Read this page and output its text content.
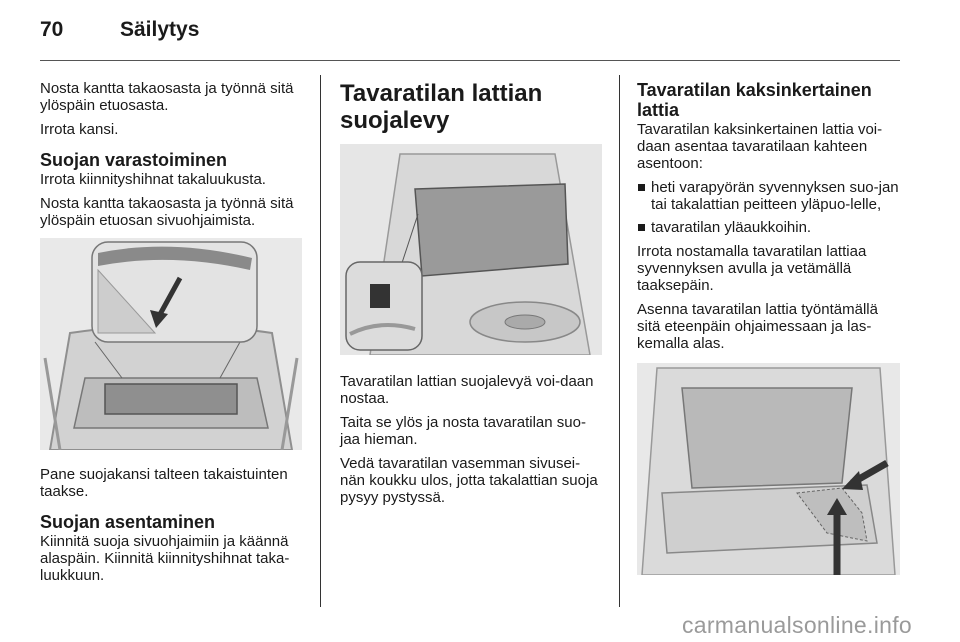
70	Säilytys

Nosta kantta takaosasta ja työnnä sitä ylöspäin etuosasta.

Irrota kansi.

Suojan varastoiminen

Irrota kiinnityshihnat takaluukusta.

Nosta kantta takaosasta ja työnnä sitä ylöspäin etuosan sivuohjaimista.

Pane suojakansi talteen takaistuinten taakse.

Suojan asentaminen

Kiinnitä suoja sivuohjaimiin ja käännä alaspäin. Kiinnitä kiinnityshihnat taka-luukkuun.

Tavaratilan lattian suojalevy

Tavaratilan lattian suojalevyä voi-daan nostaa.

Taita se ylös ja nosta tavaratilan suo-jaa hieman.

Vedä tavaratilan vasemman sivusei-nän koukku ulos, jotta takalattian suoja pysyy pystyssä.

Tavaratilan kaksinkertainen lattia

Tavaratilan kaksinkertainen lattia voi-daan asentaa tavaratilaan kahteen asentoon:

heti varapyörän syvennyksen suo-jan tai takalattian peitteen yläpuo-lelle,
tavaratilan yläaukkoihin.

Irrota nostamalla tavaratilan lattiaa syvennyksen avulla ja vetämällä taaksepäin.

Asenna tavaratilan lattia työntämällä sitä eteenpäin ohjaimessaan ja las-kemalla alas.

carmanualsonline.info
